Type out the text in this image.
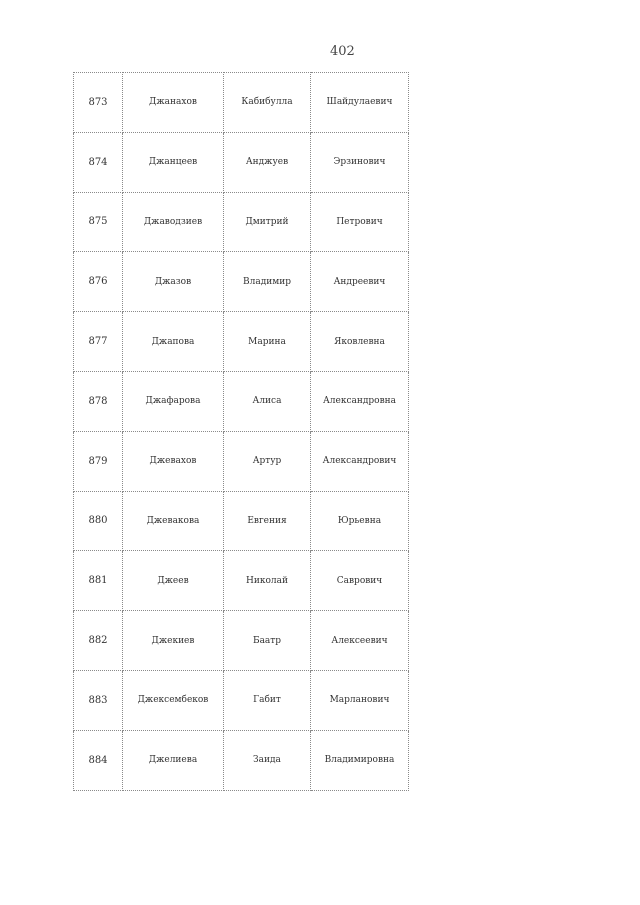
402
873	Джанахов	Кабибулла	Шайдулаевич
874	Джанцеев	Анджуев	Эрзинович
875	Джаводзиев	Дмитрий	Петрович
876	Джазов	Владимир	Андреевич
877	Джапова	Марина	Яковлевна
878	Джафарова	Алиса	Александровна
879	Джевахов	Артур	Александрович
880	Джевакова	Евгения	Юрьевна
881	Джеев	Николай	Саврович
882	Джекиев	Баатр	Алексеевич
883	Джексембеков	Габит	Марланович
884	Джелиева	Заида	Владимировна
